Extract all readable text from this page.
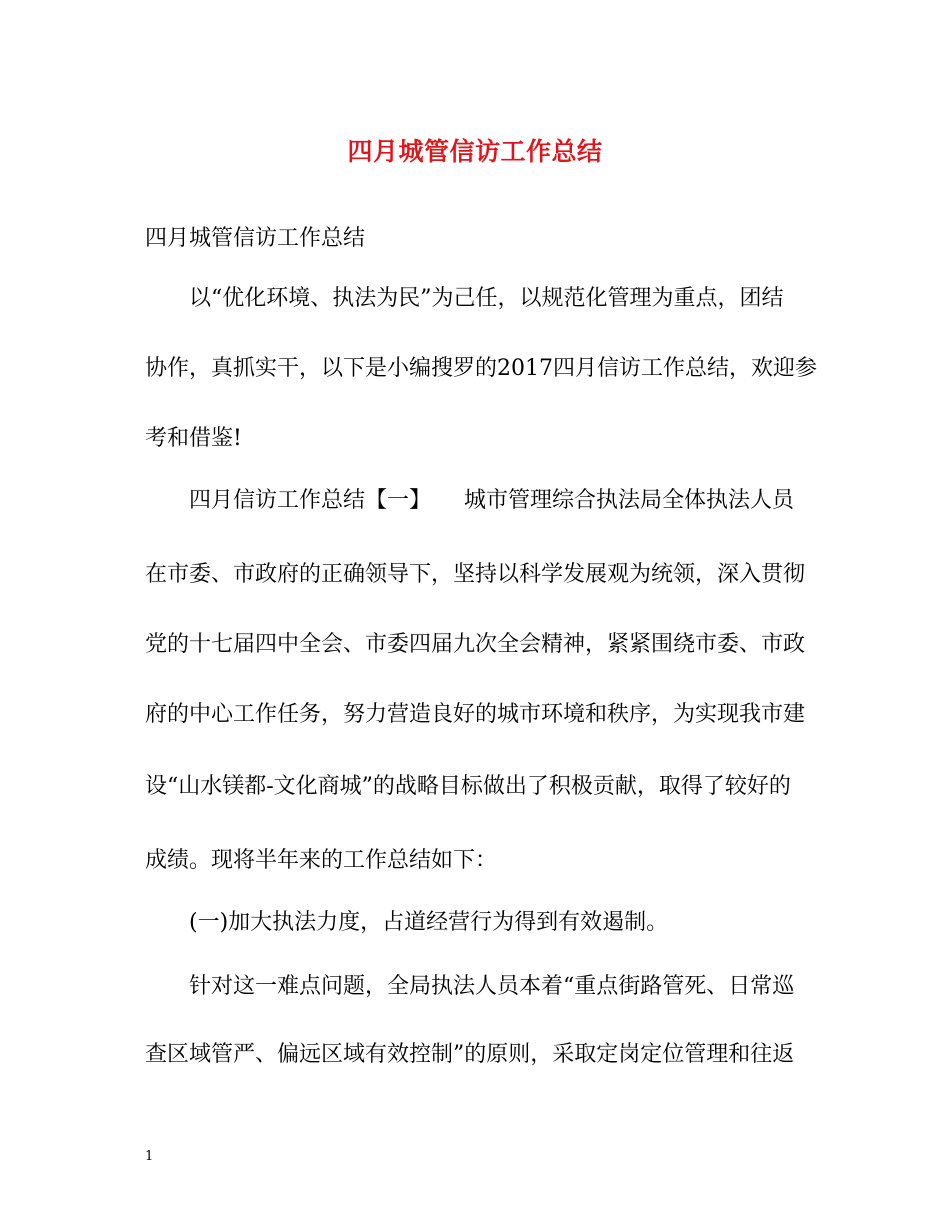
四月城管信访工作总结
四月城管信访工作总结
以“优化环境、执法为民”为己任，以规范化管理为重点，团结
协作，真抓实干，以下是小编搜罗的2017四月信访工作总结，欢迎参
考和借鉴!
四月信访工作总结【一】　　城市管理综合执法局全体执法人员
在市委、市政府的正确领导下，坚持以科学发展观为统领，深入贯彻
党的十七届四中全会、市委四届九次全会精神，紧紧围绕市委、市政
府的中心工作任务，努力营造良好的城市环境和秩序，为实现我市建
设“山水镁都-文化商城”的战略目标做出了积极贡献，取得了较好的
成绩。现将半年来的工作总结如下：
(一)加大执法力度，占道经营行为得到有效遏制。
针对这一难点问题，全局执法人员本着“重点街路管死、日常巡
查区域管严、偏远区域有效控制”的原则，采取定岗定位管理和往返
1
